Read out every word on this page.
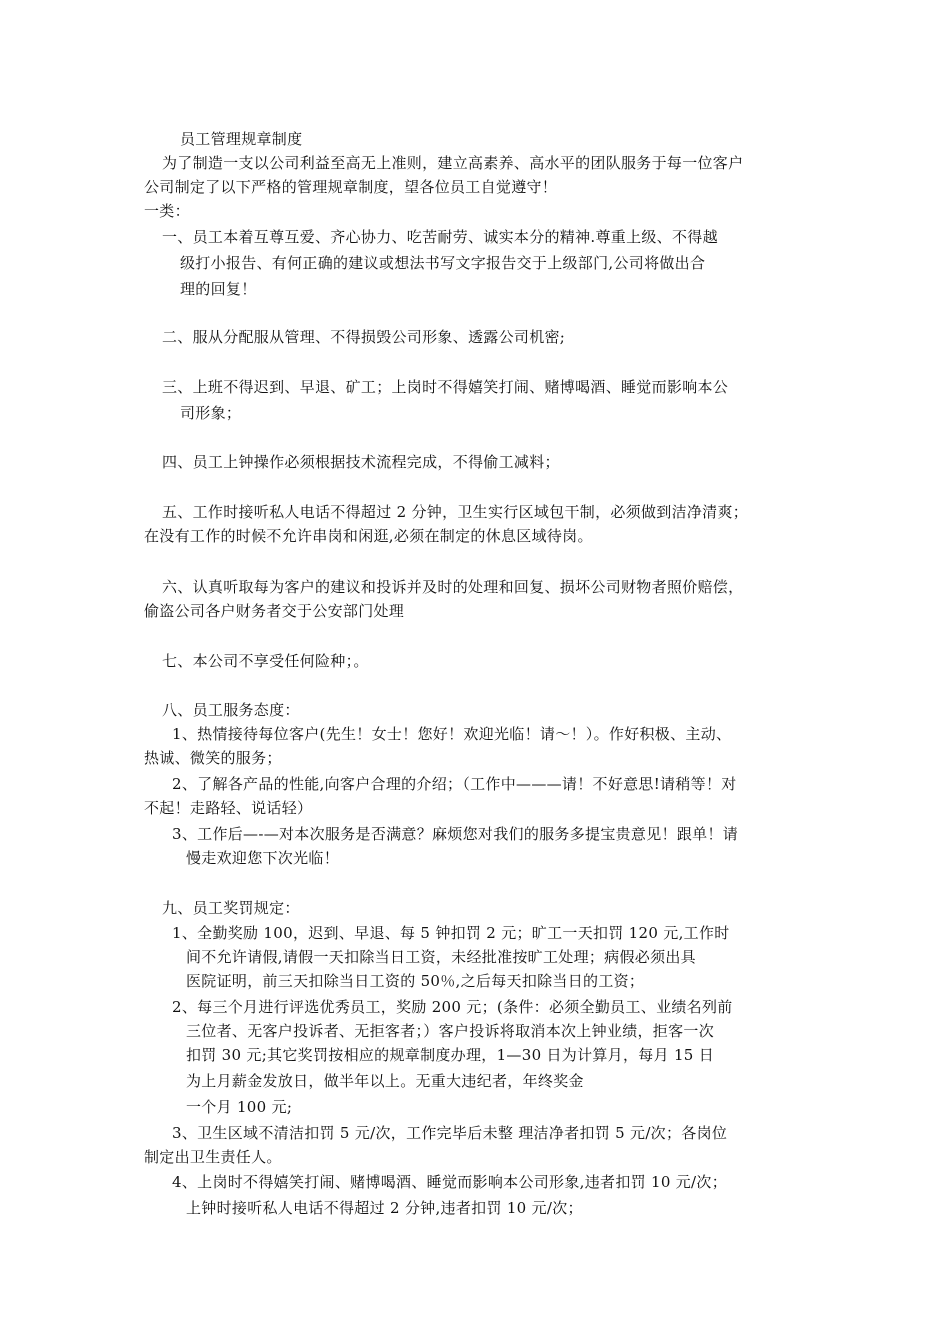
员工管理规章制度
为了制造一支以公司利益至高无上准则，建立高素养、高水平的团队服务于每一位客户
公司制定了以下严格的管理规章制度，望各位员工自觉遵守！
一类：
一、员工本着互尊互爱、齐心协力、吃苦耐劳、诚实本分的精神.尊重上级、不得越
级打小报告、有何正确的建议或想法书写文字报告交于上级部门,公司将做出合
理的回复！
二、服从分配服从管理、不得损毁公司形象、透露公司机密;
三、上班不得迟到、早退、矿工；上岗时不得嬉笑打闹、赌博喝酒、睡觉而影响本公
司形象；
四、员工上钟操作必须根据技术流程完成，不得偷工减料；
五、工作时接听私人电话不得超过 2 分钟，卫生实行区域包干制，必须做到洁净清爽；
在没有工作的时候不允许串岗和闲逛,必须在制定的休息区域待岗。
六、认真听取每为客户的建议和投诉并及时的处理和回复、损坏公司财物者照价赔偿，
偷盗公司各户财务者交于公安部门处理
七、本公司不享受任何险种；。
八、员工服务态度：
1、热情接待每位客户(先生！女士！您好！欢迎光临！请～！）。作好积极、主动、
热诚、微笑的服务；
2、了解各产品的性能,向客户合理的介绍；（工作中———请！不好意思!请稍等！对
不起！走路轻、说话轻）
3、工作后—-—对本次服务是否满意？麻烦您对我们的服务多提宝贵意见！跟单！请
慢走欢迎您下次光临！
九、员工奖罚规定：
1、全勤奖励 100，迟到、早退、每 5 钟扣罚 2 元；旷工一天扣罚 120 元,工作时
间不允许请假,请假一天扣除当日工资，未经批准按旷工处理；病假必须出具
医院证明，前三天扣除当日工资的 50％,之后每天扣除当日的工资；
2、每三个月进行评选优秀员工，奖励 200 元；(条件：必须全勤员工、业绩名列前
三位者、无客户投诉者、无拒客者；）客户投诉将取消本次上钟业绩，拒客一次
扣罚 30 元;其它奖罚按相应的规章制度办理，1—30 日为计算月，每月 15 日
为上月薪金发放日，做半年以上。无重大违纪者，年终奖金
一个月 100 元;
3、卫生区域不清洁扣罚 5 元/次，工作完毕后未整 理洁净者扣罚 5 元/次；各岗位
制定出卫生责任人。
4、上岗时不得嬉笑打闹、赌博喝酒、睡觉而影响本公司形象,违者扣罚 10 元/次；
上钟时接听私人电话不得超过 2 分钟,违者扣罚 10 元/次；
